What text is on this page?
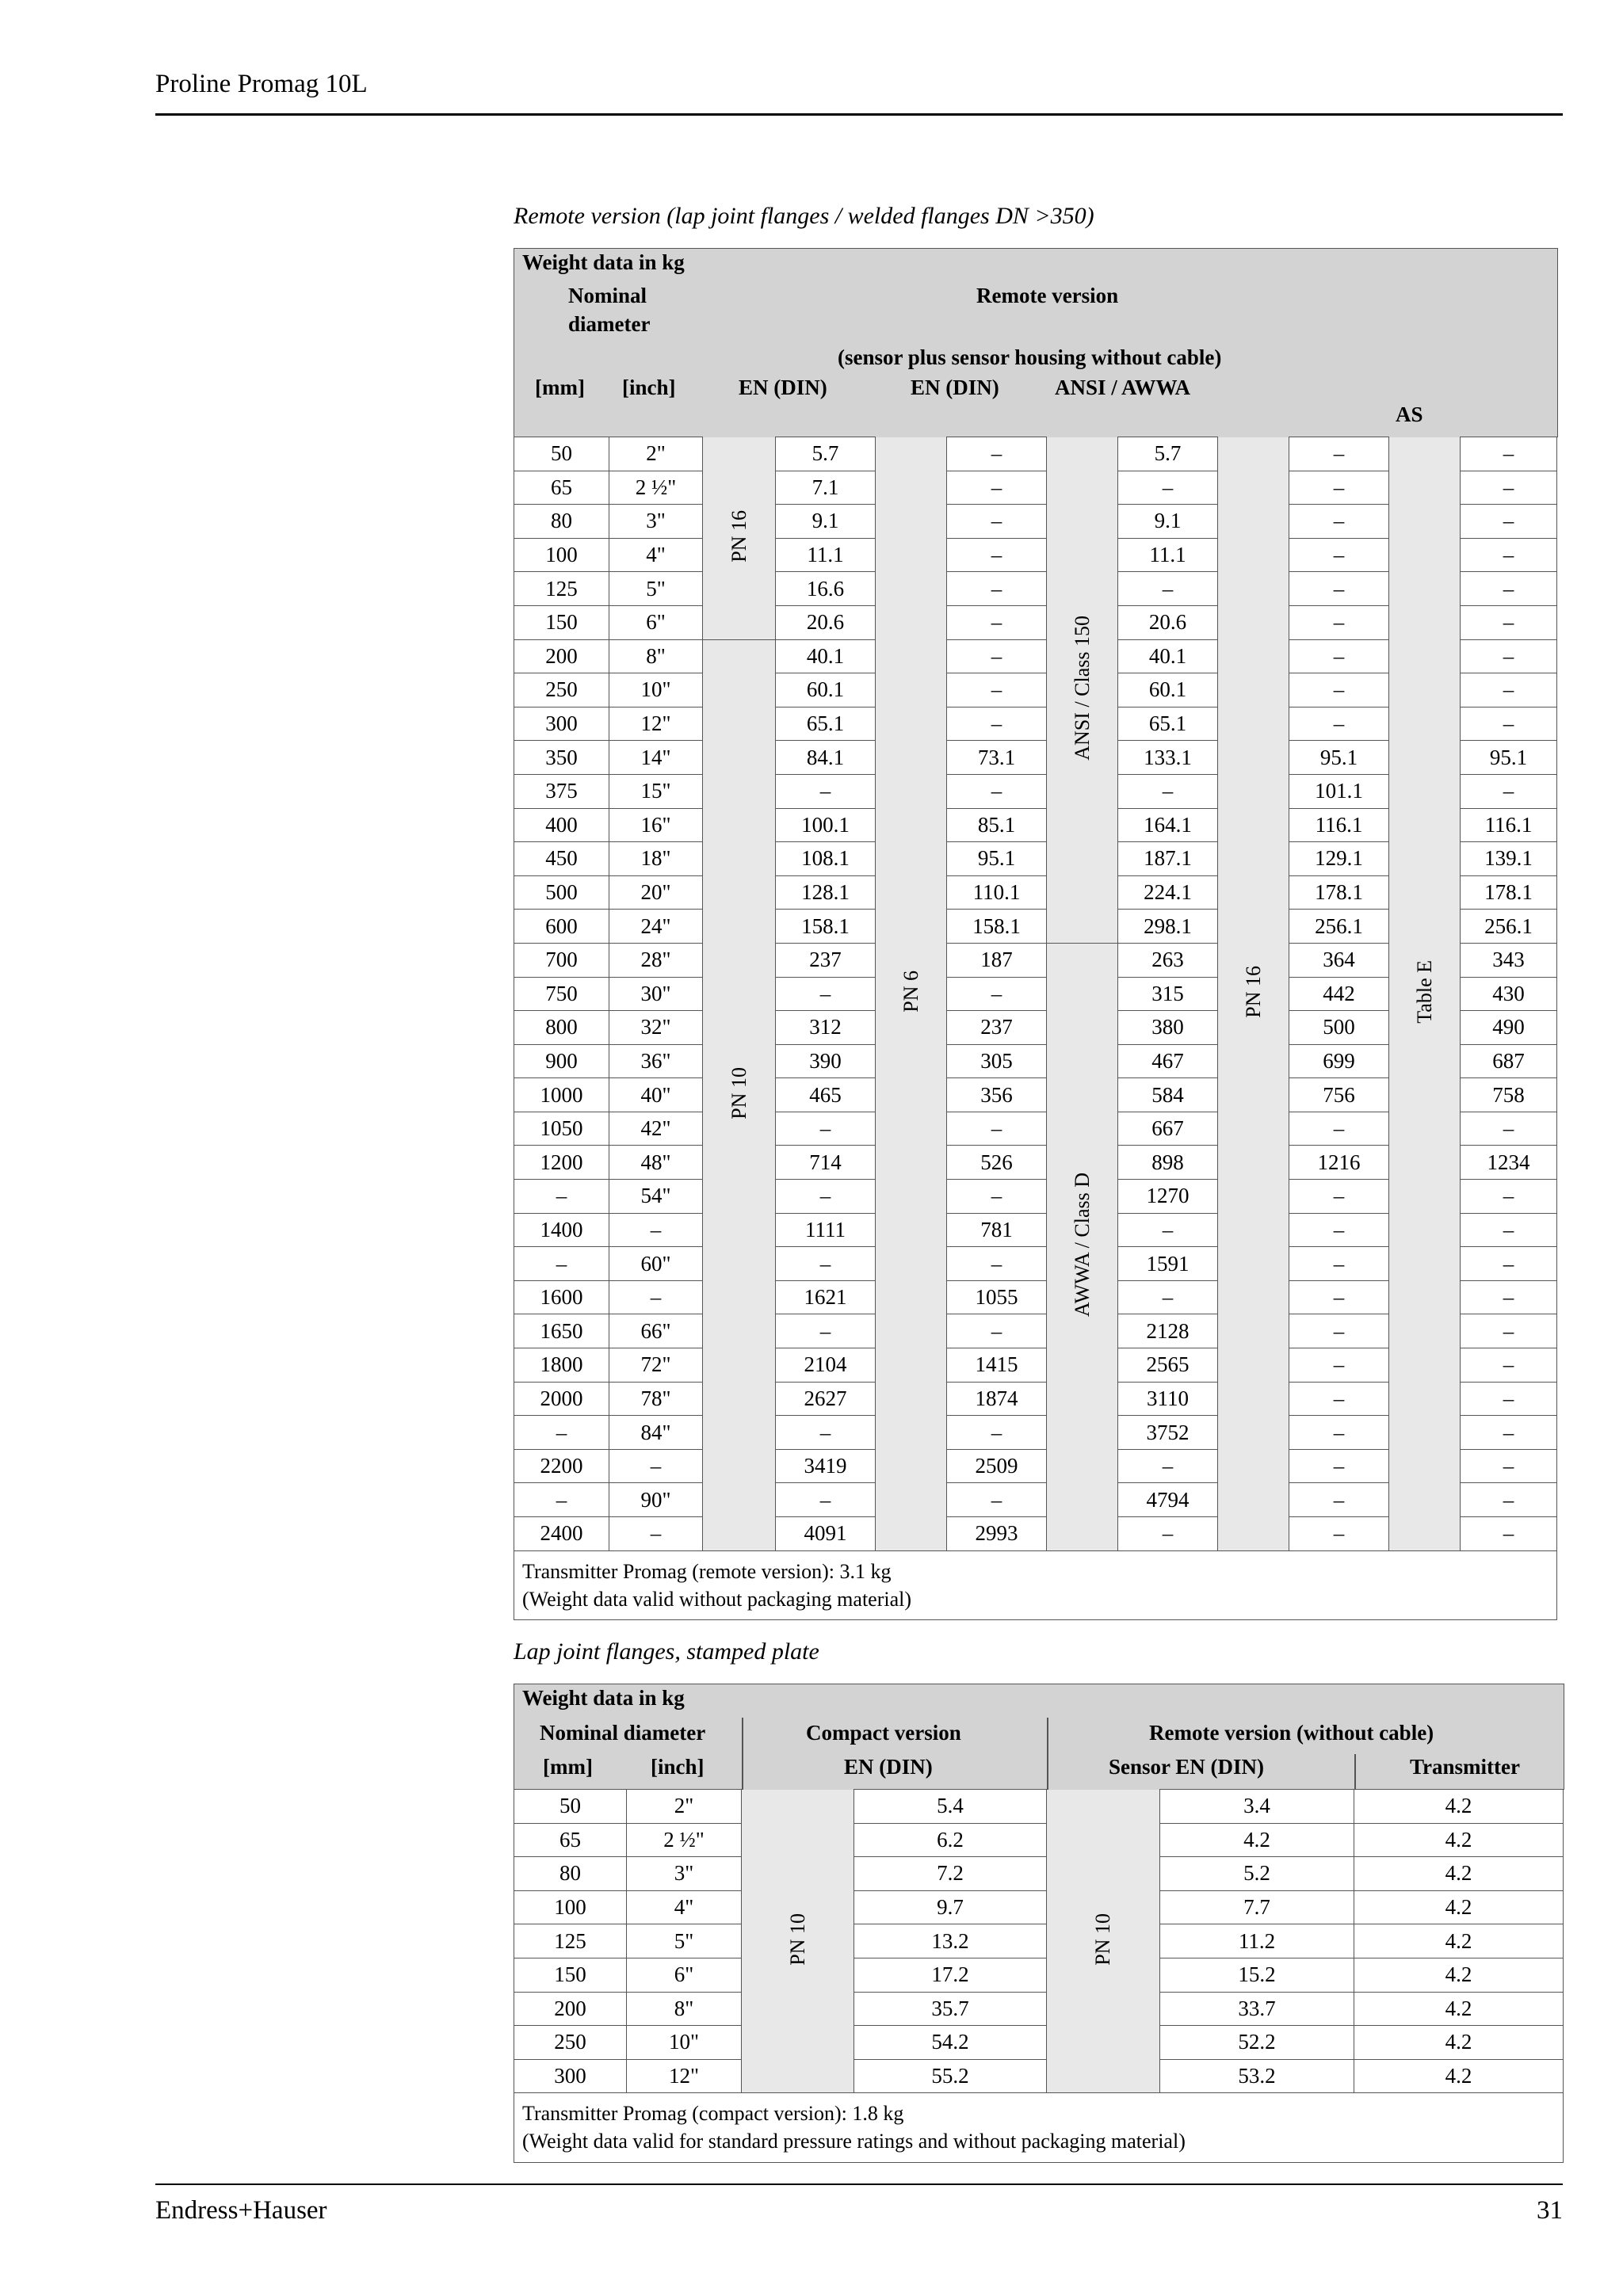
Proline Promag 10L
Remote version (lap joint flanges / welded flanges DN >350)
Weight data in kg
Nominal
diameter
Remote version
(sensor plus sensor housing without cable)
[mm] [inch]	EN (DIN)	EN (DIN)	ANSI / AWWA
AS
50	2"	PN 16	5.7	PN 6	–	ANSI / Class 150	5.7	PN 16	–	Table E	–
65	2 ½"		7.1		–		–		–		–
80	3"		9.1		–		9.1		–		–
100	4"		11.1		–		11.1		–		–
125	5"		16.6		–		–		–		–
150	6"		20.6		–		20.6		–		–
200	8"	PN 10	40.1		–		40.1		–		–
250	10"		60.1		–		60.1		–		–
300	12"		65.1		–		65.1		–		–
350	14"		84.1		73.1		133.1		95.1		95.1
375	15"		–		–		–		101.1		–
400	16"		100.1		85.1		164.1		116.1		116.1
450	18"		108.1		95.1		187.1		129.1		139.1
500	20"		128.1		110.1		224.1		178.1		178.1
600	24"		158.1		158.1		298.1		256.1		256.1
700	28"		237		187	AWWA / Class D	263		364		343
750	30"		–		–		315		442		430
800	32"		312		237		380		500		490
900	36"		390		305		467		699		687
1000	40"		465		356		584		756		758
1050	42"		–		–		667		–		–
1200	48"		714		526		898		1216		1234
–	54"		–		–		1270		–		–
1400	–		1111		781		–		–		–
–	60"		–		–		1591		–		–
1600	–		1621		1055		–		–		–
1650	66"		–		–		2128		–		–
1800	72"		2104		1415		2565		–		–
2000	78"		2627		1874		3110		–		–
–	84"		–		–		3752		–		–
2200	–		3419		2509		–		–		–
–	90"		–		–		4794		–		–
2400	–		4091		2993		–		–		–

Transmitter Promag (remote version): 3.1 kg
(Weight data valid without packaging material)											
Lap joint flanges, stamped plate
Weight data in kg
Nominal diameter	Compact version	Remote version (without cable)
[mm]	[inch]	EN (DIN)	Sensor EN (DIN)	Transmitter
50	2"	PN 10	5.4	PN 10	3.4	4.2
65	2 ½"		6.2		4.2	4.2
80	3"		7.2		5.2	4.2
100	4"		9.7		7.7	4.2
125	5"		13.2		11.2	4.2
150	6"		17.2		15.2	4.2
200	8"		35.7		33.7	4.2
250	10"		54.2		52.2	4.2
300	12"		55.2		53.2	4.2

Transmitter Promag (compact version): 1.8 kg
(Weight data valid for standard pressure ratings and without packaging material)						
Endress+Hauser	31
